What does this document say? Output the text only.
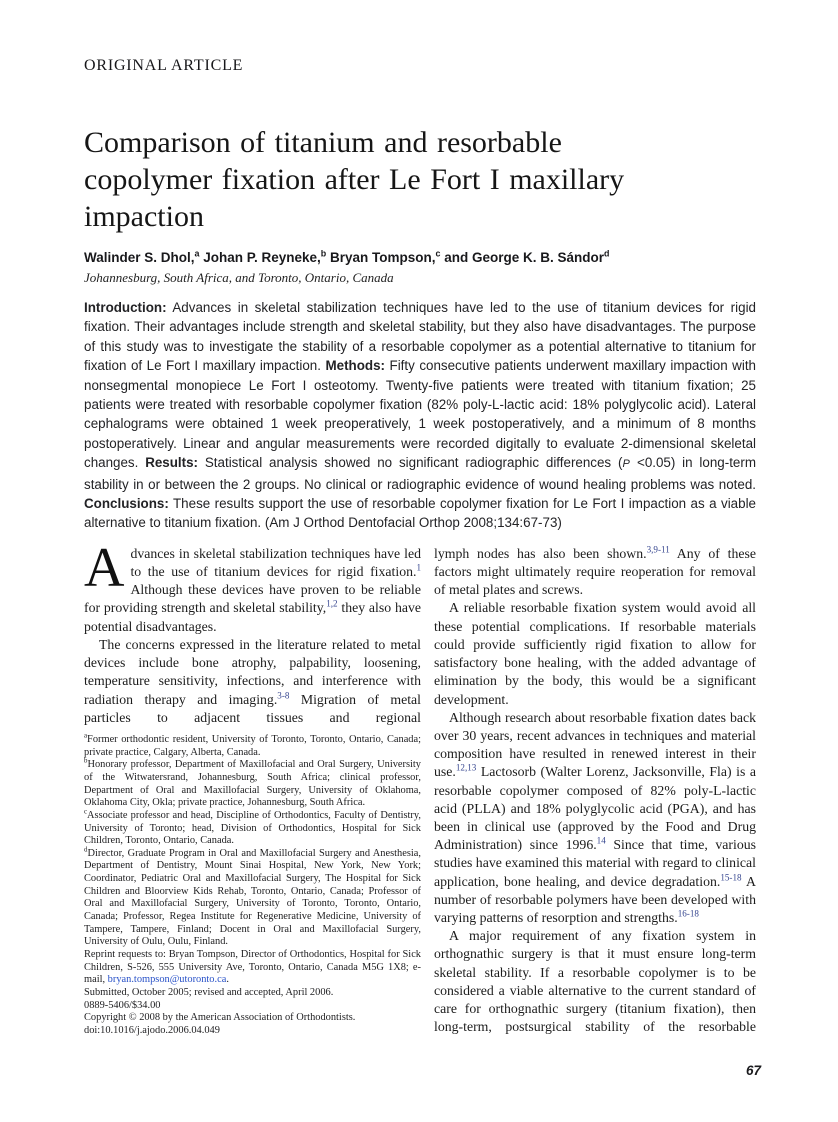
ORIGINAL ARTICLE
Comparison of titanium and resorbable copolymer fixation after Le Fort I maxillary impaction
Walinder S. Dhol,$^a$ Johan P. Reyneke,$^b$ Bryan Tompson,$^c$ and George K. B. Sándor$^d$
Johannesburg, South Africa, and Toronto, Ontario, Canada
Introduction: Advances in skeletal stabilization techniques have led to the use of titanium devices for rigid fixation. Their advantages include strength and skeletal stability, but they also have disadvantages. The purpose of this study was to investigate the stability of a resorbable copolymer as a potential alternative to titanium for fixation of Le Fort I maxillary impaction. Methods: Fifty consecutive patients underwent maxillary impaction with nonsegmental monopiece Le Fort I osteotomy. Twenty-five patients were treated with titanium fixation; 25 patients were treated with resorbable copolymer fixation (82% poly-L-lactic acid: 18% polyglycolic acid). Lateral cephalograms were obtained 1 week preoperatively, 1 week postoperatively, and a minimum of 8 months postoperatively. Linear and angular measurements were recorded digitally to evaluate 2-dimensional skeletal changes. Results: Statistical analysis showed no significant radiographic differences (P <0.05) in long-term stability in or between the 2 groups. No clinical or radiographic evidence of wound healing problems was noted. Conclusions: These results support the use of resorbable copolymer fixation for Le Fort I impaction as a viable alternative to titanium fixation. (Am J Orthod Dentofacial Orthop 2008;134:67-73)

Advances in skeletal stabilization techniques have led to the use of titanium devices for rigid fixation.$^1$ Although these devices have proven to be reliable for providing strength and skeletal stability,$^{1,2}$ they also have potential disadvantages.

The concerns expressed in the literature related to metal devices include bone atrophy, palpability, loosening, temperature sensitivity, infections, and interference with radiation therapy and imaging.$^{3-8}$ Migration of metal particles to adjacent tissues and regional

$^a$Former orthodontic resident, University of Toronto, Toronto, Ontario, Canada; private practice, Calgary, Alberta, Canada.

$^b$Honorary professor, Department of Maxillofacial and Oral Surgery, University of the Witwatersrand, Johannesburg, South Africa; clinical professor, Department of Oral and Maxillofacial Surgery, University of Oklahoma, Oklahoma City, Okla; private practice, Johannesburg, South Africa.

$^c$Associate professor and head, Discipline of Orthodontics, Faculty of Dentistry, University of Toronto; head, Division of Orthodontics, Hospital for Sick Children, Toronto, Ontario, Canada.

$^d$Director, Graduate Program in Oral and Maxillofacial Surgery and Anesthesia, Department of Dentistry, Mount Sinai Hospital, New York, New York; Coordinator, Pediatric Oral and Maxillofacial Surgery, The Hospital for Sick Children and Bloorview Kids Rehab, Toronto, Ontario, Canada; Professor of Oral and Maxillofacial Surgery, University of Toronto, Toronto, Ontario, Canada; Professor, Regea Institute for Regenerative Medicine, University of Tampere, Tampere, Finland; Docent in Oral and Maxillofacial Surgery, University of Oulu, Oulu, Finland.

Reprint requests to: Bryan Tompson, Director of Orthodontics, Hospital for Sick Children, S-526, 555 University Ave, Toronto, Ontario, Canada M5G 1X8; e-mail, bryan.tompson@utoronto.ca.

Submitted, October 2005; revised and accepted, April 2006.

0889-5406/$34.00

Copyright © 2008 by the American Association of Orthodontists.

doi:10.1016/j.ajodo.2006.04.049

lymph nodes has also been shown.$^{3,9-11}$ Any of these factors might ultimately require reoperation for removal of metal plates and screws.

A reliable resorbable fixation system would avoid all these potential complications. If resorbable materials could provide sufficiently rigid fixation to allow for satisfactory bone healing, with the added advantage of elimination by the body, this would be a significant development.

Although research about resorbable fixation dates back over 30 years, recent advances in techniques and material composition have resulted in renewed interest in their use.$^{12,13}$ Lactosorb (Walter Lorenz, Jacksonville, Fla) is a resorbable copolymer composed of 82% poly-L-lactic acid (PLLA) and 18% polyglycolic acid (PGA), and has been in clinical use (approved by the Food and Drug Administration) since 1996.14 Since that time, various studies have examined this material with regard to clinical application, bone healing, and device degradation.$^{15-18}$ A number of resorbable polymers have been developed with varying patterns of resorption and strengths.$^{16-18}$

A major requirement of any fixation system in orthognathic surgery is that it must ensure long-term skeletal stability. If a resorbable copolymer is to be considered a viable alternative to the current standard of care for orthognathic surgery (titanium fixation), then long-term, postsurgical stability of the resorbable

67
